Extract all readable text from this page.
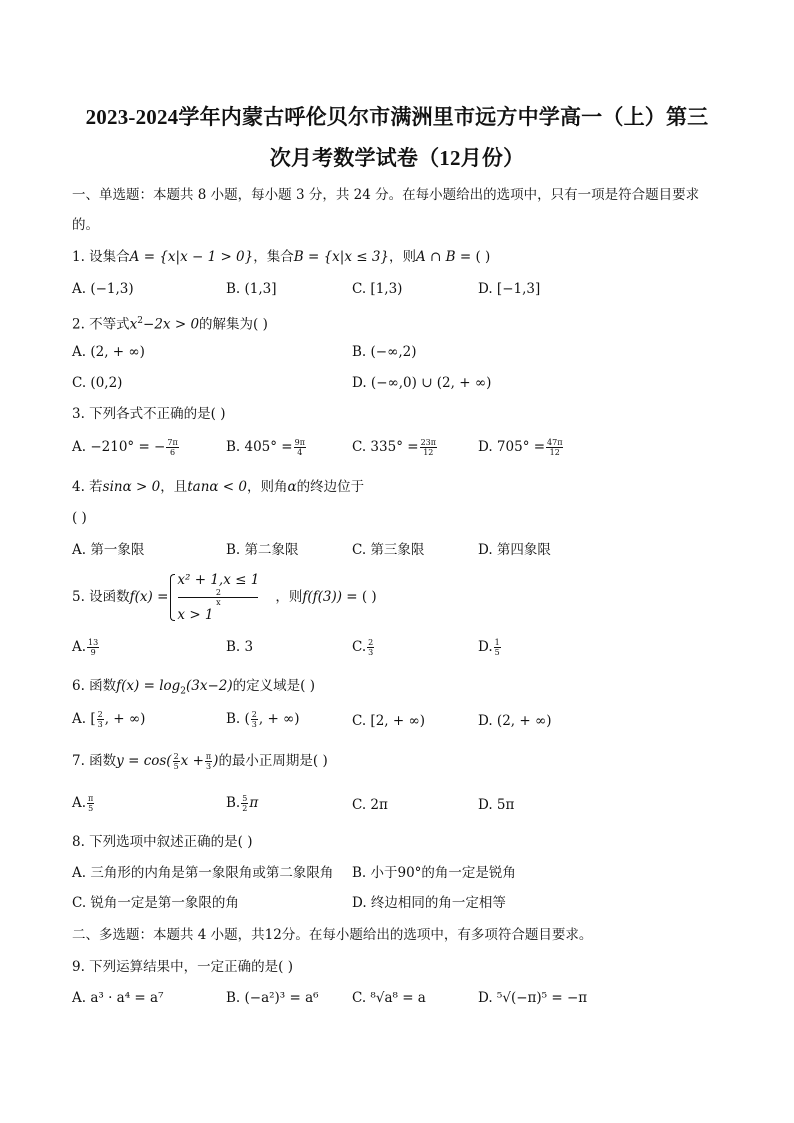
2023-2024学年内蒙古呼伦贝尔市满洲里市远方中学高一（上）第三
次月考数学试卷（12月份）
一、单选题：本题共 8 小题，每小题 3 分，共 24 分。在每小题给出的选项中，只有一项是符合题目要求
的。
1. 设集合A = {x|x − 1 > 0}，集合B = {x|x ≤ 3}，则A ∩ B = ( )
A. (−1,3)	B. (1,3]	C. [1,3)	D. [−1,3]
2. 不等式$x^2-2x > 0$的解集为( )
A. (2, + ∞)	B. (−∞,2)
C. (0,2)	D. (−∞,0) ∪ (2, + ∞)
3. 下列各式不正确的是( )
A. −210° = − $\frac{7\pi}{6}$	B. $405^\circ = \frac{9\pi}{4}$	C. $335^\circ = \frac{23\pi}{12}$	D. $705^\circ = \frac{47\pi}{12}$
4. 若sinα > 0，且tanα < 0，则角α的终边位于
( )
A. 第一象限	B. 第二象限	C. 第三象限	D. 第四象限
5. 设函数f(x) =
x² + 1,x ≤ 1
2
x
x > 1
，则f(f(3)) = ( )
A. $\frac{13}{9}$	B. 3	C. $\frac{2}{3}$	D. $\frac{1}{5}$
6. 函数$f(x) = \log_2(3x-2)$的定义域是( )
A. [ $\frac{2}{3}$ , + ∞)	B. ( $\frac{2}{3}$ , + ∞)	C. [2, + ∞)	D. (2, + ∞)
7. 函数$y = \cos( \frac{2}{5}$ $x + \frac{\pi}{3}$ )的最小正周期是( )
A. $\frac{\pi}{5}$	B. $\frac{5}{2}$ π	C. 2π	D. 5π
8. 下列选项中叙述正确的是( )
A. 三角形的内角是第一象限角或第二象限角 B. 小于90°的角一定是锐角
C. 锐角一定是第一象限的角	D. 终边相同的角一定相等
二、多选题：本题共 4 小题，共12分。在每小题给出的选项中，有多项符合题目要求。
9. 下列运算结果中，一定正确的是( )
A. a³ · a⁴ = a⁷	B. (−a²)³ = a⁶ C. ⁸√a⁸ = a	D. ⁵√(−π)⁵ = −π
